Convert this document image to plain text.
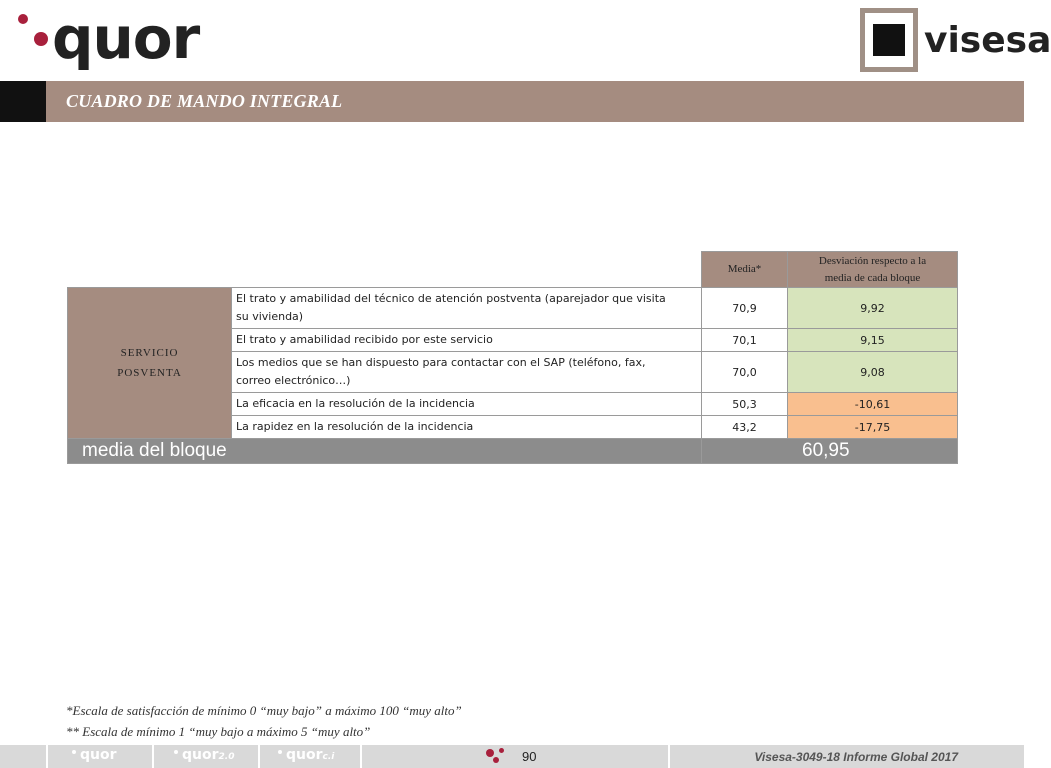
quor	visesa
CUADRO DE MANDO INTEGRAL
		Media*	Desviación respecto a la
media de cada bloque
SERVICIO
POSVENTA	El trato y amabilidad del técnico de atención postventa (aparejador que visita
su vivienda)	70,9	9,92
	El trato y amabilidad recibido por este servicio	70,1	9,15
	Los medios que se han dispuesto para contactar con el SAP (teléfono, fax,
correo electrónico…)	70,0	9,08
	La eficacia en la resolución de la incidencia	50,3	-10,61
	La rapidez en la resolución de la incidencia	43,2	-17,75
media del bloque		60,95	
*Escala de satisfacción de mínimo 0 “muy bajo” a máximo 100 “muy alto”
** Escala de mínimo 1 “muy bajo a máximo 5 “muy alto”
quor	quor2.0	quorc.i	90	Visesa-3049-18 Informe Global 2017
